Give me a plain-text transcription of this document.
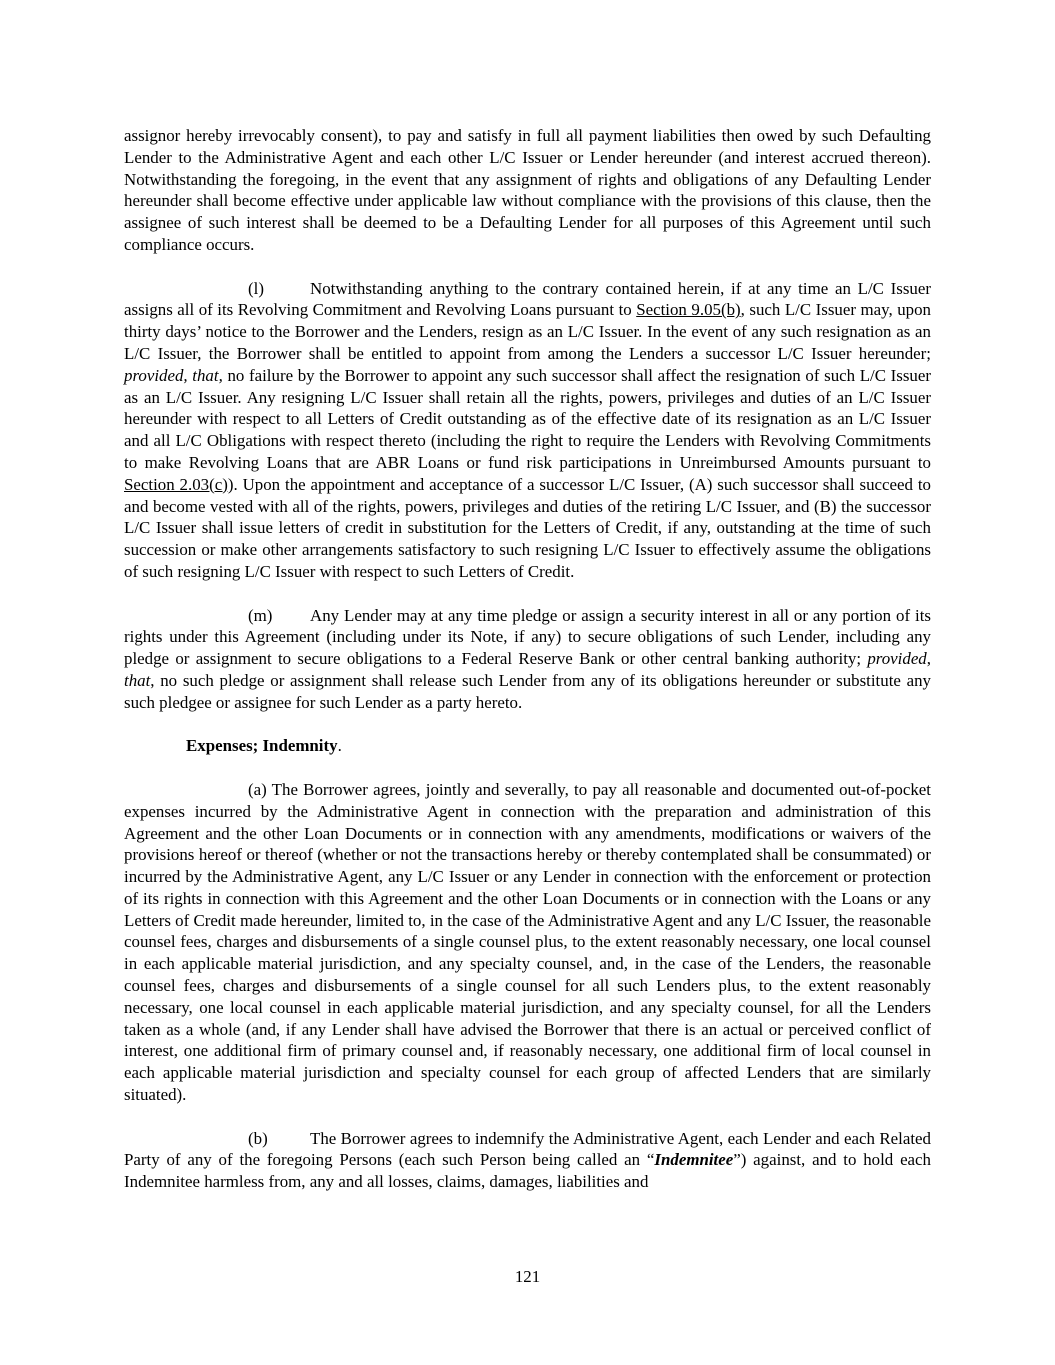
assignor hereby irrevocably consent), to pay and satisfy in full all payment liabilities then owed by such Defaulting Lender to the Administrative Agent and each other L/C Issuer or Lender hereunder (and interest accrued thereon). Notwithstanding the foregoing, in the event that any assignment of rights and obligations of any Defaulting Lender hereunder shall become effective under applicable law without compliance with the provisions of this clause, then the assignee of such interest shall be deemed to be a Defaulting Lender for all purposes of this Agreement until such compliance occurs.

(l)	Notwithstanding anything to the contrary contained herein, if at any time an L/C Issuer assigns all of its Revolving Commitment and Revolving Loans pursuant to Section 9.05(b), such L/C Issuer may, upon thirty days’ notice to the Borrower and the Lenders, resign as an L/C Issuer. In the event of any such resignation as an L/C Issuer, the Borrower shall be entitled to appoint from among the Lenders a successor L/C Issuer hereunder; provided, that, no failure by the Borrower to appoint any such successor shall affect the resignation of such L/C Issuer as an L/C Issuer. Any resigning L/C Issuer shall retain all the rights, powers, privileges and duties of an L/C Issuer hereunder with respect to all Letters of Credit outstanding as of the effective date of its resignation as an L/C Issuer and all L/C Obligations with respect thereto (including the right to require the Lenders with Revolving Commitments to make Revolving Loans that are ABR Loans or fund risk participations in Unreimbursed Amounts pursuant to Section 2.03(c)). Upon the appointment and acceptance of a successor L/C Issuer, (A) such successor shall succeed to and become vested with all of the rights, powers, privileges and duties of the retiring L/C Issuer, and (B) the successor L/C Issuer shall issue letters of credit in substitution for the Letters of Credit, if any, outstanding at the time of such succession or make other arrangements satisfactory to such resigning L/C Issuer to effectively assume the obligations of such resigning L/C Issuer with respect to such Letters of Credit.

(m) Any Lender may at any time pledge or assign a security interest in all or any portion of its rights under this Agreement (including under its Note, if any) to secure obligations of such Lender, including any pledge or assignment to secure obligations to a Federal Reserve Bank or other central banking authority; provided, that, no such pledge or assignment shall release such Lender from any of its obligations hereunder or substitute any such pledgee or assignee for such Lender as a party hereto.

Expenses; Indemnity.

(a) The Borrower agrees, jointly and severally, to pay all reasonable and documented out-of-pocket expenses incurred by the Administrative Agent in connection with the preparation and administration of this Agreement and the other Loan Documents or in connection with any amendments, modifications or waivers of the provisions hereof or thereof (whether or not the transactions hereby or thereby contemplated shall be consummated) or incurred by the Administrative Agent, any L/C Issuer or any Lender in connection with the enforcement or protection of its rights in connection with this Agreement and the other Loan Documents or in connection with the Loans or any Letters of Credit made hereunder, limited to, in the case of the Administrative Agent and any L/C Issuer, the reasonable counsel fees, charges and disbursements of a single counsel plus, to the extent reasonably necessary, one local counsel in each applicable material jurisdiction, and any specialty counsel, and, in the case of the Lenders, the reasonable counsel fees, charges and disbursements of a single counsel for all such Lenders plus, to the extent reasonably necessary, one local counsel in each applicable material jurisdiction, and any specialty counsel, for all the Lenders taken as a whole (and, if any Lender shall have advised the Borrower that there is an actual or perceived conflict of interest, one additional firm of primary counsel and, if reasonably necessary, one additional firm of local counsel in each applicable material jurisdiction and specialty counsel for each group of affected Lenders that are similarly situated).

(b)	The Borrower agrees to indemnify the Administrative Agent, each Lender and each Related Party of any of the foregoing Persons (each such Person being called an “Indemnitee”) against, and to hold each Indemnitee harmless from, any and all losses, claims, damages, liabilities and

121
